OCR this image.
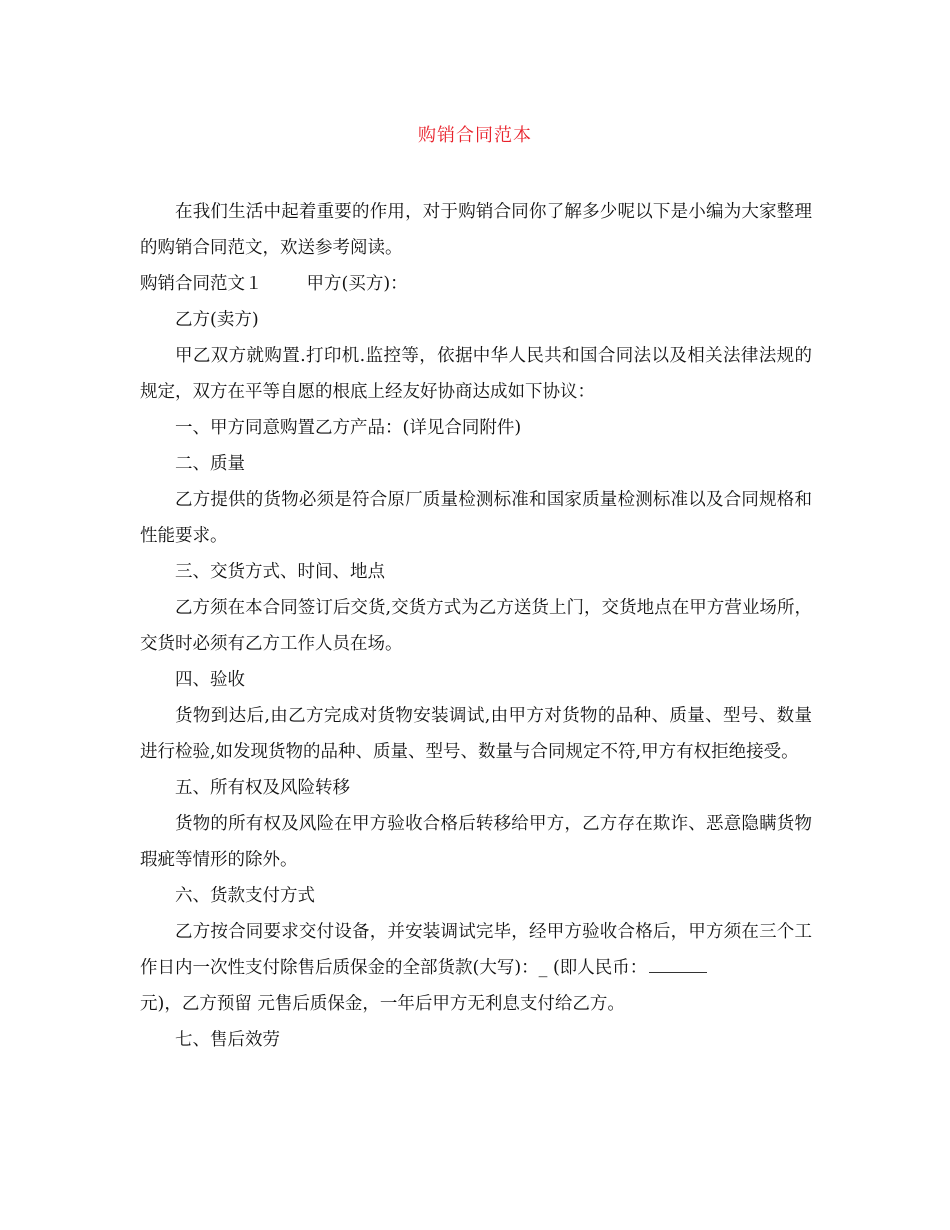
购销合同范本

在我们生活中起着重要的作用，对于购销合同你了解多少呢以下是小编为大家整理的购销合同范文，欢送参考阅读。

购销合同范文１	甲方(买方)：

乙方(卖方)

甲乙双方就购置.打印机.监控等，依据中华人民共和国合同法以及相关法律法规的规定，双方在平等自愿的根底上经友好协商达成如下协议：

一、甲方同意购置乙方产品：(详见合同附件)

二、质量

乙方提供的货物必须是符合原厂质量检测标准和国家质量检测标准以及合同规格和性能要求。

三、交货方式、时间、地点

乙方须在本合同签订后交货,交货方式为乙方送货上门，交货地点在甲方营业场所，交货时必须有乙方工作人员在场。

四、验收

货物到达后,由乙方完成对货物安装调试,由甲方对货物的品种、质量、型号、数量进行检验,如发现货物的品种、质量、型号、数量与合同规定不符,甲方有权拒绝接受。

五、所有权及风险转移

货物的所有权及风险在甲方验收合格后转移给甲方，乙方存在欺诈、恶意隐瞒货物瑕疵等情形的除外。

六、货款支付方式

乙方按合同要求交付设备，并安装调试完毕，经甲方验收合格后，甲方须在三个工作日内一次性支付除售后质保金的全部货款(大写)：_ (即人民币：
元)，乙方预留 元售后质保金，一年后甲方无利息支付给乙方。

七、售后效劳
